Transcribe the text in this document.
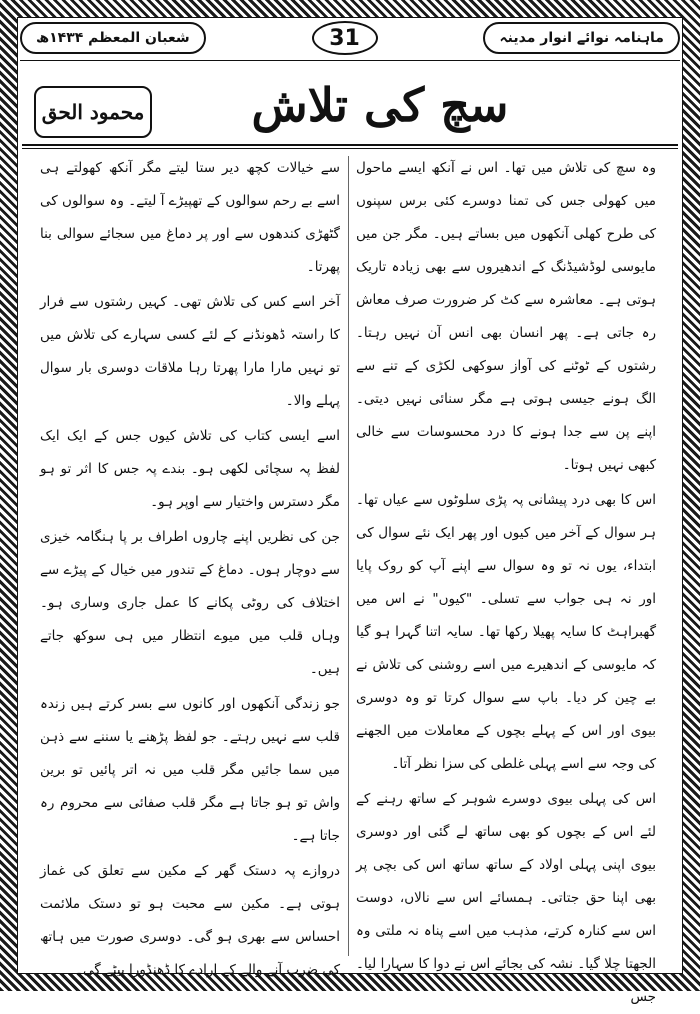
شعبان المعظم ۱۴۳۴ھ	31	ماہنامہ نوائے انوار مدینہ
سچ کی تلاش
محمود الحق

وہ سچ کی تلاش میں تھا۔ اس نے آنکھ ایسے ماحول میں کھولی جس کی تمنا دوسرے کئی برس سپنوں کی طرح کھلی آنکھوں میں بساتے ہیں۔ مگر جن میں مایوسی لوڈشیڈنگ کے اندھیروں سے بھی زیادہ تاریک ہوتی ہے۔ معاشرہ سے کٹ کر ضرورت صرف معاش رہ جاتی ہے۔ پھر انسان بھی انس آن نہیں رہتا۔ رشتوں کے ٹوٹنے کی آواز سوکھی لکڑی کے تنے سے الگ ہونے جیسی ہوتی ہے مگر سنائی نہیں دیتی۔ اپنے پن سے جدا ہونے کا درد محسوسات سے خالی کبھی نہیں ہوتا۔

اس کا بھی درد پیشانی پہ پڑی سلوٹوں سے عیاں تھا۔ ہر سوال کے آخر میں کیوں اور پھر ایک نئے سوال کی ابتداء، یوں نہ تو وہ سوال سے اپنے آپ کو روک پایا اور نہ ہی جواب سے تسلی۔ "کیوں" نے اس میں گھبراہٹ کا سایہ پھیلا رکھا تھا۔ سایہ اتنا گہرا ہو گیا کہ مایوسی کے اندھیرے میں اسے روشنی کی تلاش نے بے چین کر دیا۔ باپ سے سوال کرتا تو وہ دوسری بیوی اور اس کے پہلے بچوں کے معاملات میں الجھنے کی وجہ سے اسے پہلی غلطی کی سزا نظر آتا۔

اس کی پہلی بیوی دوسرے شوہر کے ساتھ رہنے کے لئے اس کے بچوں کو بھی ساتھ لے گئی اور دوسری بیوی اپنی پہلی اولاد کے ساتھ ساتھ اس کی بچی پر بھی اپنا حق جتاتی۔ ہمسائے اس سے نالاں، دوست اس سے کنارہ کرتے، مذہب میں اسے پناہ نہ ملتی وہ الجھتا چلا گیا۔ نشہ کی بجائے اس نے دوا کا سہارا لیا۔ جس

سے خیالات کچھ دیر ستا لیتے مگر آنکھ کھولتے ہی اسے بے رحم سوالوں کے تھپیڑے آ لیتے۔ وہ سوالوں کی گٹھڑی کندھوں سے اور پر دماغ میں سجائے سوالی بنا پھرتا۔

آخر اسے کس کی تلاش تھی۔ کہیں رشتوں سے فرار کا راستہ ڈھونڈنے کے لئے کسی سہارے کی تلاش میں تو نہیں مارا مارا پھرتا رہا ملاقات دوسری بار سوال پہلے والا۔

اسے ایسی کتاب کی تلاش کیوں جس کے ایک ایک لفظ پہ سچائی لکھی ہو۔ بندے پہ جس کا اثر تو ہو مگر دسترس واختیار سے اوپر ہو۔

جن کی نظریں اپنے چاروں اطراف بر پا ہنگامہ خیزی سے دوچار ہوں۔ دماغ کے تندور میں خیال کے پیڑے سے اختلاف کی روٹی پکانے کا عمل جاری وساری ہو۔ وہاں قلب میں میوے انتظار میں ہی سوکھ جاتے ہیں۔

جو زندگی آنکھوں اور کانوں سے بسر کرتے ہیں زندہ قلب سے نہیں رہتے۔ جو لفظ پڑھنے یا سننے سے ذہن میں سما جائیں مگر قلب میں نہ اتر پائیں تو برین واش تو ہو جاتا ہے مگر قلب صفائی سے محروم رہ جاتا ہے۔

دروازے پہ دستک گھر کے مکین سے تعلق کی غماز ہوتی ہے۔ مکین سے محبت ہو تو دستک ملائمت احساس سے بھری ہو گی۔ دوسری صورت میں ہاتھ کی ضرب آنے والے کے ارادے کا ڈھنڈورا پیٹے گی۔
